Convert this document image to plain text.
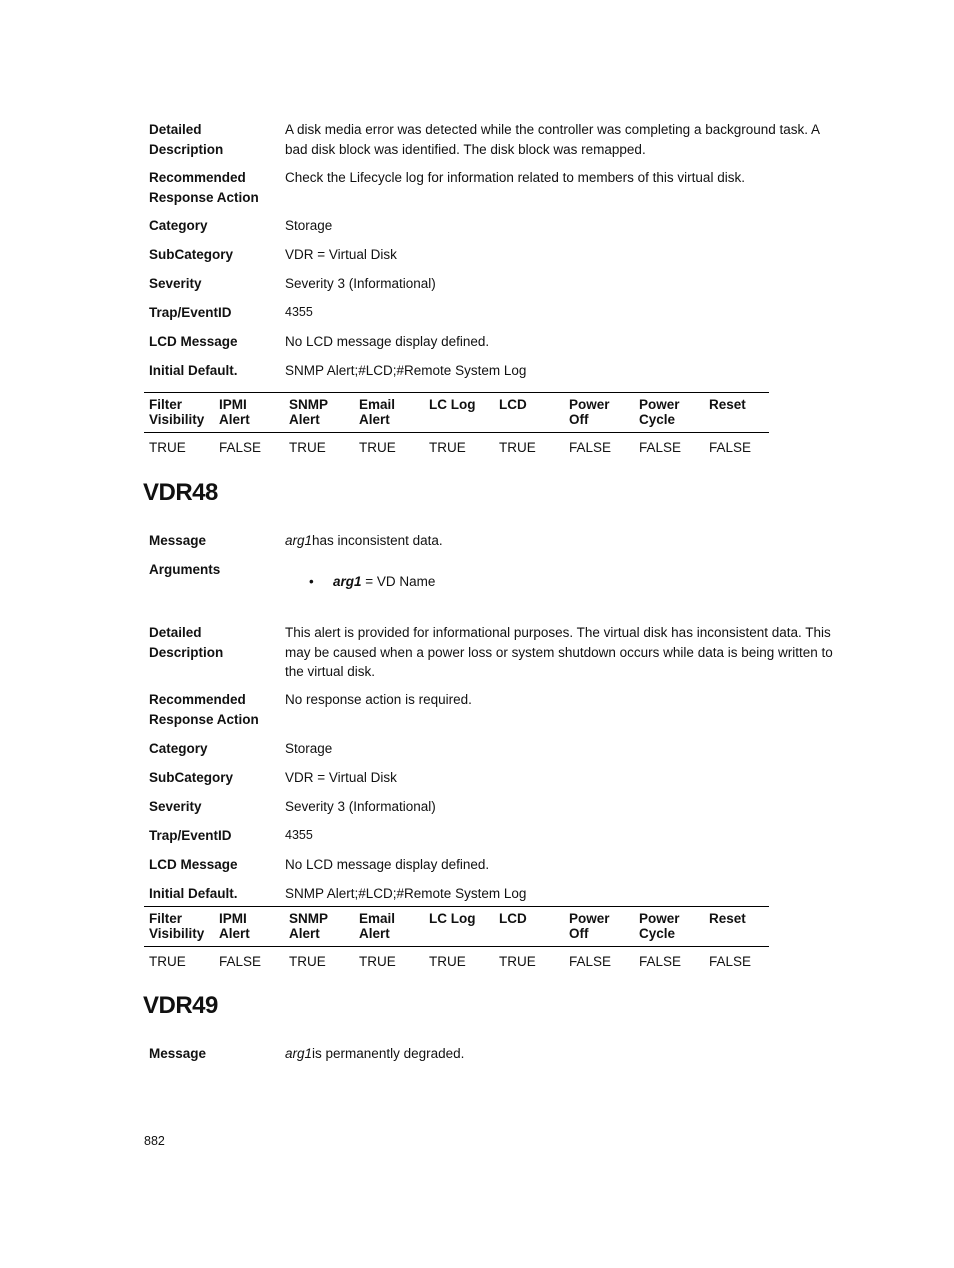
Detailed Description
A disk media error was detected while the controller was completing a background task. A bad disk block was identified. The disk block was remapped.
Recommended Response Action
Check the Lifecycle log for information related to members of this virtual disk.
Category	Storage
SubCategory	VDR = Virtual Disk
Severity	Severity 3 (Informational)
Trap/EventID	4355
LCD Message	No LCD message display defined.
Initial Default.	SNMP Alert;#LCD;#Remote System Log
Filter Visibility	IPMI Alert	SNMP Alert	Email Alert	LC Log	LCD	Power Off	Power Cycle	Reset
TRUE	FALSE	TRUE	TRUE	TRUE	TRUE	FALSE	FALSE	FALSE
VDR48
Message	arg1has inconsistent data.
Arguments
• arg1 = VD Name
Detailed Description
This alert is provided for informational purposes. The virtual disk has inconsistent data. This may be caused when a power loss or system shutdown occurs while data is being written to the virtual disk.
Recommended Response Action
No response action is required.
Category	Storage
SubCategory	VDR = Virtual Disk
Severity	Severity 3 (Informational)
Trap/EventID	4355
LCD Message	No LCD message display defined.
Initial Default.	SNMP Alert;#LCD;#Remote System Log
Filter Visibility	IPMI Alert	SNMP Alert	Email Alert	LC Log	LCD	Power Off	Power Cycle	Reset
TRUE	FALSE	TRUE	TRUE	TRUE	TRUE	FALSE	FALSE	FALSE
VDR49
Message	arg1is permanently degraded.
882
